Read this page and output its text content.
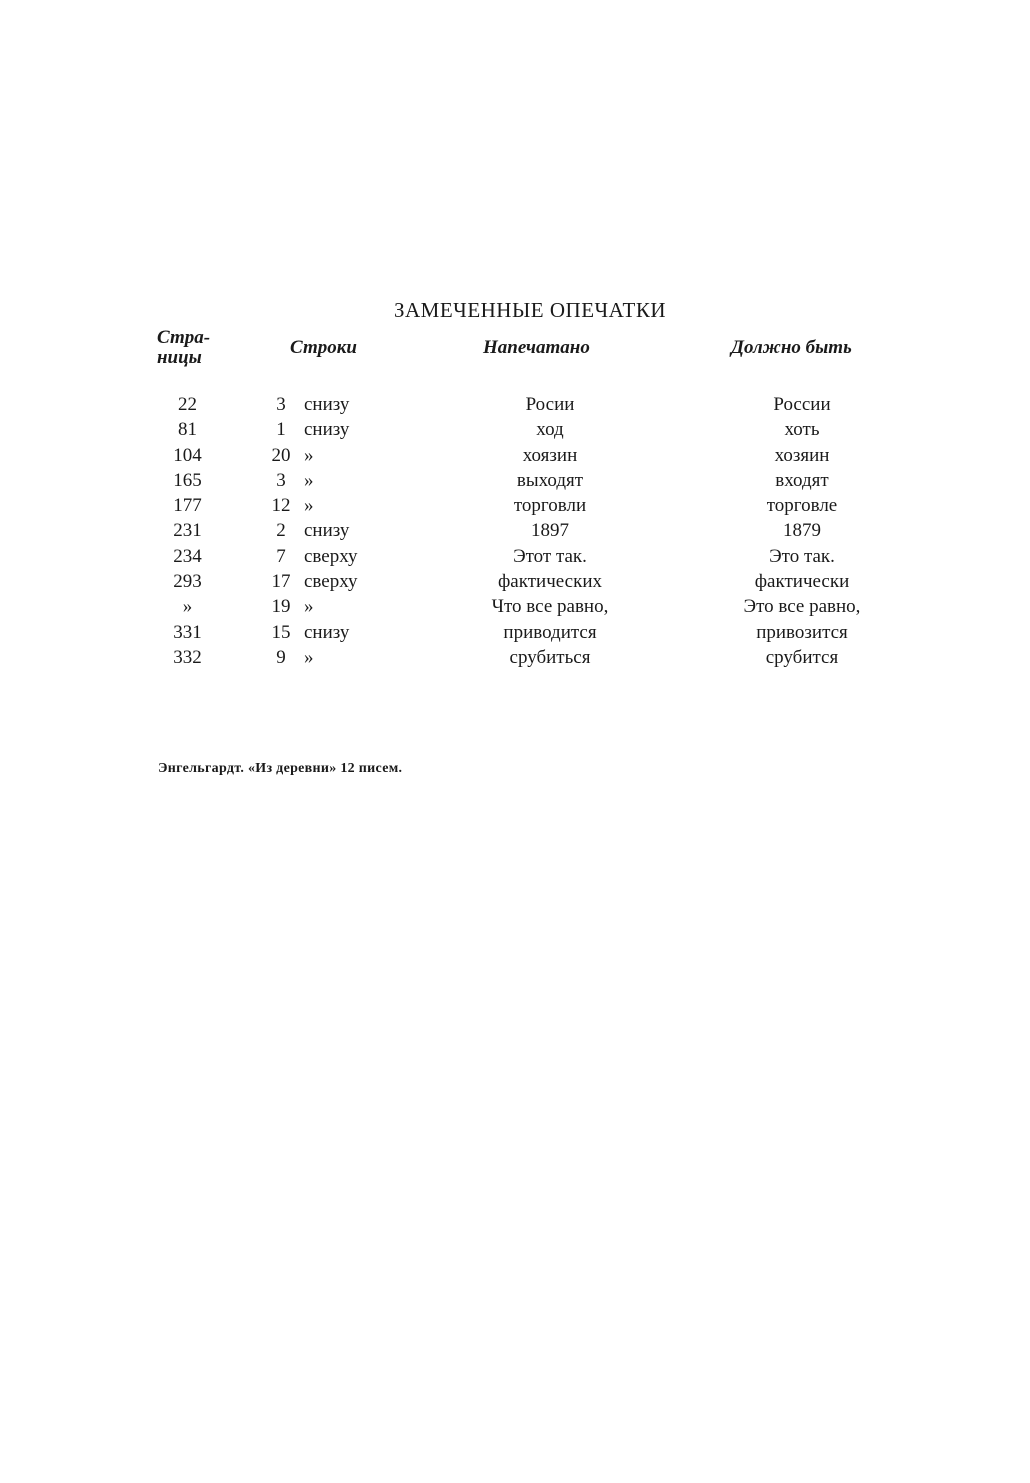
ЗАМЕЧЕННЫЕ ОПЕЧАТКИ
Стра-
ницы	Строки	Напечатано	Должно быть
22	3 снизу	Росии	России
81	1 снизу	ход	хоть
104	20 »	хоязин	хозяин
165	3 »	выходят	входят
177	12 »	торговли	торговле
231	2 снизу	1897	1879
234	7 сверху	Этот так.	Это так.
293	17 сверху	фактических	фактически
»	19 »	Что все равно,	Это все равно,
331	15 снизу	приводится	привозится
332	9 »	срубиться	срубится
Энгельгардт. «Из деревни» 12 писем.
